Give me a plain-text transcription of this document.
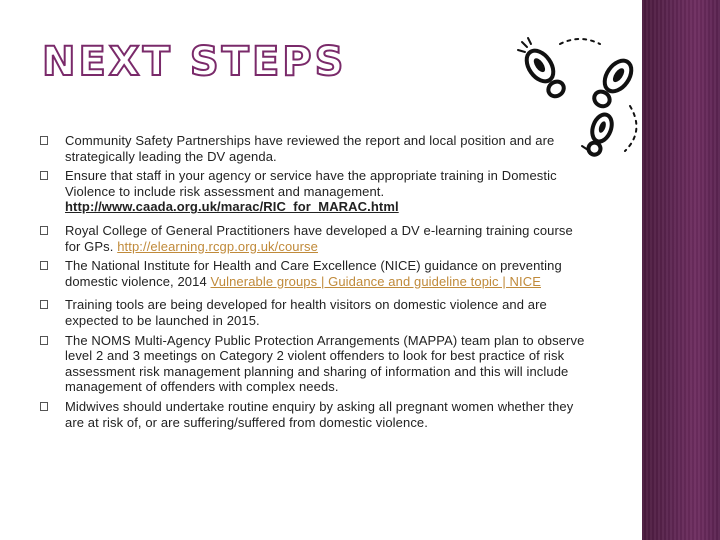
NEXT STEPS
Community Safety Partnerships have reviewed the report and local position and are strategically leading the DV agenda.
Ensure that staff in your agency or service have the appropriate training in Domestic Violence to include risk assessment and management. http://www.caada.org.uk/marac/RIC_for_MARAC.html
Royal College of General Practitioners have developed a DV e-learning training course for GPs. http://elearning.rcgp.org.uk/course
The National Institute for Health and Care Excellence (NICE) guidance on preventing domestic violence, 2014 Vulnerable groups | Guidance and guideline topic | NICE
Training tools are being developed for health visitors on domestic violence and are expected to be launched in 2015.
The NOMS Multi-Agency Public Protection Arrangements (MAPPA) team plan to observe level 2 and 3 meetings on Category 2 violent offenders to look for best practice of risk assessment risk management planning and sharing of information and this will include management of offenders with complex needs.
Midwives should undertake routine enquiry by asking all pregnant women whether they are at risk of, or are suffering/suffered from domestic violence.
